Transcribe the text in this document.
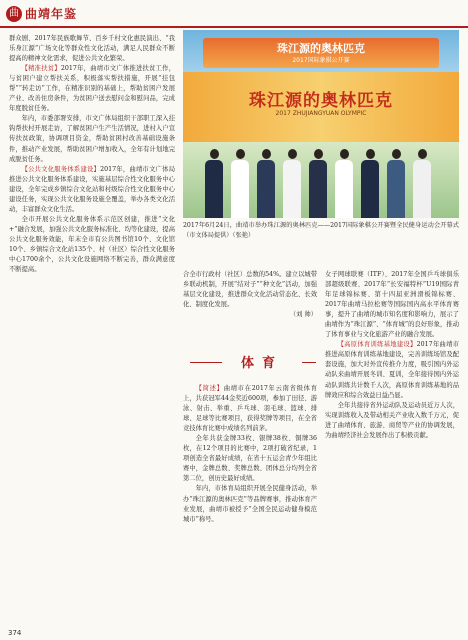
曲 曲靖年鉴

群众剧、2017年民族歌舞节、百乡千村文化惠民演出、“我乐身江源”广场文化等群众性文化活动，满足人民群众不断提高的精神文化需求，促进公共文化繁荣。

【精准扶贫】2017年，曲靖市文广体推进扶贫工作，与贫困户建立帮扶关系，积极落实帮扶措施，开展“挂包帮”“转走访”工作，在精准识别的基础上，帮助贫困户发展产业、改善住房条件，为贫困户送去慰问金和慰问品，完成年度脱贫任务。

年内，市委部署安排，市文广体局组织干部职工深入挂钩帮扶村开展走访，了解贫困户生产生活情况，进村入户宣传扶贫政策，协调项目资金，帮助贫困村改善基础设施条件，推动产业发展，帮助贫困户增加收入，全年有计划地完成脱贫任务。

【公共文化服务体系建设】2017年，曲靖市文广体局推进公共文化服务体系建设，实施基层综合性文化服务中心建设，全年完成乡镇综合文化站和村级综合性文化服务中心建设任务，实现公共文化服务设施全覆盖，举办各类文化活动，丰富群众文化生活。

全市开展公共文化服务体系示范区创建，推进“文化+”融合发展，加强公共文化服务标准化、均等化建设，提高公共文化服务效能，年末全市有公共图书馆10个、文化馆10个、乡镇综合文化站135个、村（社区）综合性文化服务中心1700余个，公共文化设施网络不断完善，群众满意度不断提高。

珠江源的奥林匹克
2017国际象棋公开赛
珠江源的奥林匹克
2017 ZHUJIANGYUAN OLYMPIC
2017年6月24日，曲靖市举办珠江源的奥林匹克——2017国际象棋公开赛暨全民健身运动会开幕式（市文体局提供）（张艳）

合全市行政村（社区）总数的54%。建立以城带乡联动机制，开展“结对子”“种文化”活动，加强基层文化建设，推进群众文化活动常态化、长效化、制度化发展。

（刘 帅）

体育

【简述】曲靖市在2017年云南省级体育上，共获冠军44金奖近600项，参加了田径、游泳、射击、举重、乒乓球、羽毛球、篮球、排球、足球等比赛项目，获得奖牌等项目，在全省竞技体育比赛中成绩名列前茅。

全年共获金牌33枚、银牌38枚、铜牌36枚，在12个项目的比赛中，2项打破省纪录，1项创造全省最好成绩，在省十五运会青少年组比赛中，金牌总数、奖牌总数、团体总分均列全省第二位，创历史最好成绩。

年内，市体育局组织开展全民健身活动，举办“珠江源的奥林匹克”等品牌赛事，推动体育产业发展，曲靖市被授予“全国全民运动健身模范城市”称号。

女子网球联赛（ITF）、2017年全国乒乓球俱乐部超级联赛、2017年“长安福特杯”U19国际青年足球锦标赛、第十四届亚洲滑板锦标赛、2017年曲靖马拉松赛等国际国内高水平体育赛事，提升了曲靖的城市知名度和影响力，展示了曲靖作为“珠江源”、“体育城”的良好形象，推动了体育事业与文化旅游产业的融合发展。

【高原体育训练基地建设】2017年曲靖市推进高原体育训练基地建设，完善训练场馆及配套设施，加大对外宣传推介力度，吸引国内外运动队来曲靖开展冬训、夏训，全年接待国内外运动队训练共计数千人次，高原体育训练基地的品牌效应和综合效益日益凸显。

全年共接待省外运动队及运动员近万人次，实现训练收入及带动相关产业收入数千万元，促进了曲靖体育、旅游、商贸等产业的协调发展，为曲靖经济社会发展作出了积极贡献。

374
